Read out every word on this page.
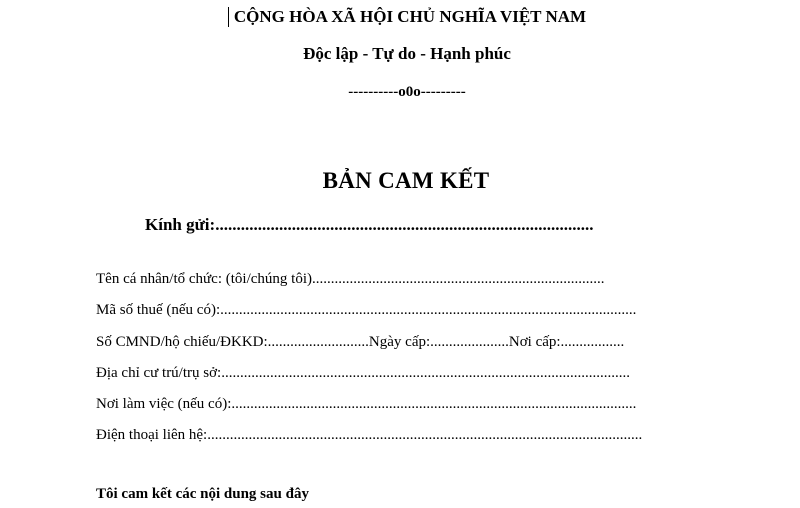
CỘNG HÒA XÃ HỘI CHỦ NGHĨA VIỆT NAM
Độc lập - Tự do - Hạnh phúc
----------o0o---------
BẢN CAM KẾT
Kính gửi:.........................................................................................
Tên cá nhân/tổ chức: (tôi/chúng tôi)..............................................................................
Mã số thuế (nếu có):...............................................................................................................
Số CMND/hộ chiếu/ĐKKD:...........................Ngày cấp:.....................Nơi cấp:.................
Địa chỉ cư trú/trụ sở:.............................................................................................................
Nơi làm việc (nếu có):............................................................................................................
Điện thoại liên hệ:....................................................................................................................
Tôi cam kết các nội dung sau đây
